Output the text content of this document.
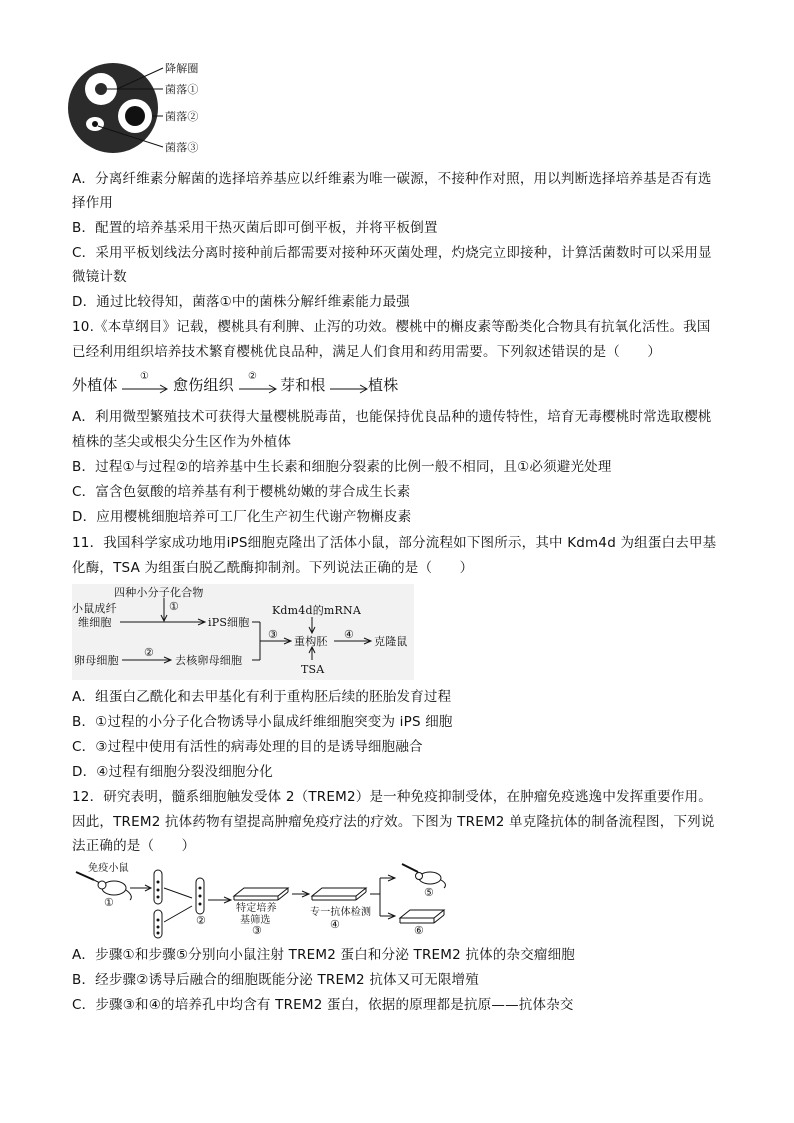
降解圈
菌落①
菌落②
菌落③
A．分离纤维素分解菌的选择培养基应以纤维素为唯一碳源，不接种作对照，用以判断选择培养基是否有选
择作用
B．配置的培养基采用干热灭菌后即可倒平板，并将平板倒置
C．采用平板划线法分离时接种前后都需要对接种环灭菌处理，灼烧完立即接种，计算活菌数时可以采用显
微镜计数
D．通过比较得知，菌落①中的菌株分解纤维素能力最强
10.《本草纲目》记载，樱桃具有利脾、止泻的功效。樱桃中的槲皮素等酚类化合物具有抗氧化活性。我国
已经利用组织培养技术繁育樱桃优良品种，满足人们食用和药用需要。下列叙述错误的是（　　）
外植体 ① 愈伤组织 ② 芽和根	植株
A．利用微型繁殖技术可获得大量樱桃脱毒苗，也能保持优良品种的遗传特性，培育无毒樱桃时常选取樱桃
植株的茎尖或根尖分生区作为外植体
B．过程①与过程②的培养基中生长素和细胞分裂素的比例一般不相同，且①必须避光处理
C．富含色氨酸的培养基有利于樱桃幼嫩的芽合成生长素
D．应用樱桃细胞培养可工厂化生产初生代谢产物槲皮素
11．我国科学家成功地用iPS细胞克隆出了活体小鼠，部分流程如下图所示，其中 Kdm4d 为组蛋白去甲基
化酶，TSA 为组蛋白脱乙酰酶抑制剂。下列说法正确的是（　　）
四种小分子化合物
①
小鼠成纤
维细胞	iPS细胞
Kdm4d的mRNA
③
重构胚
④
克隆鼠
卵母细胞
②
去核卵母细胞
TSA
A．组蛋白乙酰化和去甲基化有利于重构胚后续的胚胎发育过程
B．①过程的小分子化合物诱导小鼠成纤维细胞突变为 iPS 细胞
C．③过程中使用有活性的病毒处理的目的是诱导细胞融合
D．④过程有细胞分裂没细胞分化
12．研究表明，髓系细胞触发受体 2（TREM2）是一种免疫抑制受体，在肿瘤免疫逃逸中发挥重要作用。
因此，TREM2 抗体药物有望提高肿瘤免疫疗法的疗效。下图为 TREM2 单克隆抗体的制备流程图，下列说
法正确的是（　　）
免疫小鼠
①
②
特定培养
基筛选
③
专一抗体检测
④
⑤
⑥
A．步骤①和步骤⑤分别向小鼠注射 TREM2 蛋白和分泌 TREM2 抗体的杂交瘤细胞
B．经步骤②诱导后融合的细胞既能分泌 TREM2 抗体又可无限增殖
C．步骤③和④的培养孔中均含有 TREM2 蛋白，依据的原理都是抗原——抗体杂交
